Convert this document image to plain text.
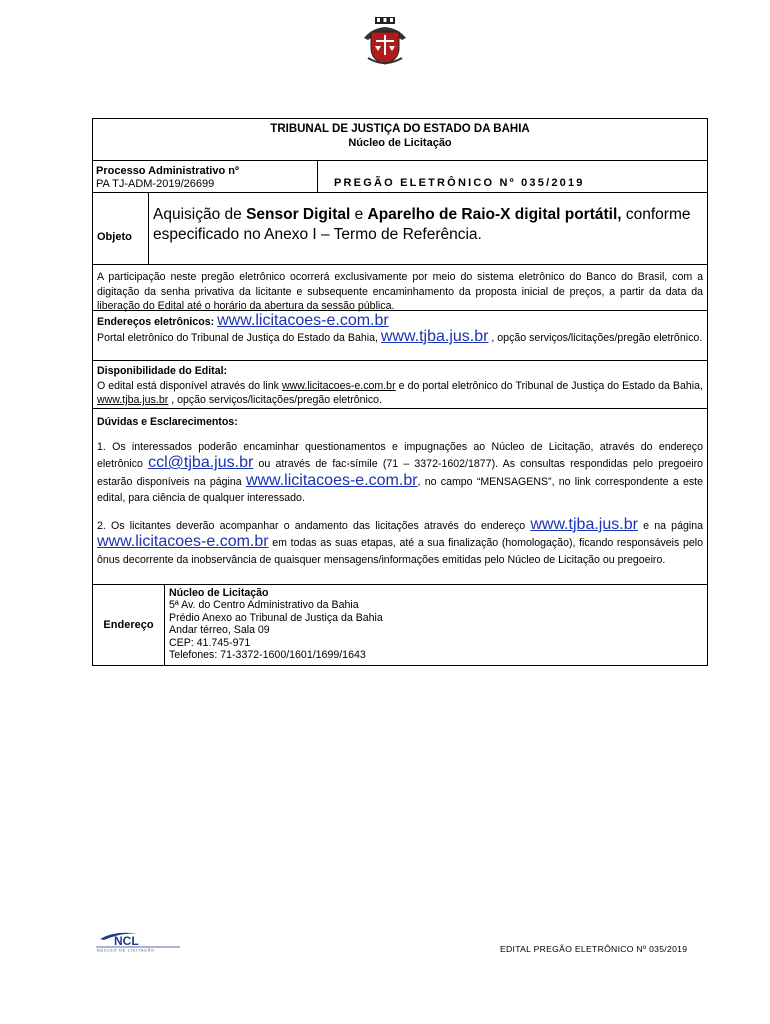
TRIBUNAL DE JUSTIÇA DO ESTADO DA BAHIA
Núcleo de Licitação
Processo Administrativo nº
PA TJ-ADM-2019/26699	PREGÃO ELETRÔNICO Nº 035/2019
Objeto
Aquisição de Sensor Digital e Aparelho de Raio-X digital portátil, conforme especificado no Anexo I – Termo de Referência.
A participação neste pregão eletrônico ocorrerá exclusivamente por meio do sistema eletrônico do Banco do Brasil, com a digitação da senha privativa da licitante e subsequente encaminhamento da proposta inicial de preços, a partir da data da liberação do Edital até o horário da abertura da sessão pública.
Endereços eletrônicos: www.licitacoes-e.com.br
Portal eletrônico do Tribunal de Justiça do Estado da Bahia, www.tjba.jus.br , opção serviços/licitações/pregão eletrônico.
Disponibilidade do Edital:
O edital está disponível através do link www.licitacoes-e.com.br e do portal eletrônico do Tribunal de Justiça do Estado da Bahia, www.tjba.jus.br , opção serviços/licitações/pregão eletrônico.
Dúvidas e Esclarecimentos:
1. Os interessados poderão encaminhar questionamentos e impugnações ao Núcleo de Licitação, através do endereço eletrônico ccl@tjba.jus.br ou através de fac-símile (71 – 3372-1602/1877). As consultas respondidas pelo pregoeiro estarão disponíveis na página www.licitacoes-e.com.br, no campo “MENSAGENS”, no link correspondente a este edital, para ciência de qualquer interessado.
2. Os licitantes deverão acompanhar o andamento das licitações através do endereço www.tjba.jus.br e na página www.licitacoes-e.com.br em todas as suas etapas, até a sua finalização (homologação), ficando responsáveis pelo ônus decorrente da inobservância de quaisquer mensagens/informações emitidas pelo Núcleo de Licitação ou pregoeiro.
Endereço
Núcleo de Licitação
5ª Av. do Centro Administrativo da Bahia
Prédio Anexo ao Tribunal de Justiça da Bahia
Andar térreo, Sala 09
CEP: 41.745-971
Telefones: 71-3372-1600/1601/1699/1643
NCL
NÚCLEO DE LICITAÇÃO	EDITAL PREGÃO ELETRÔNICO Nº 035/2019
